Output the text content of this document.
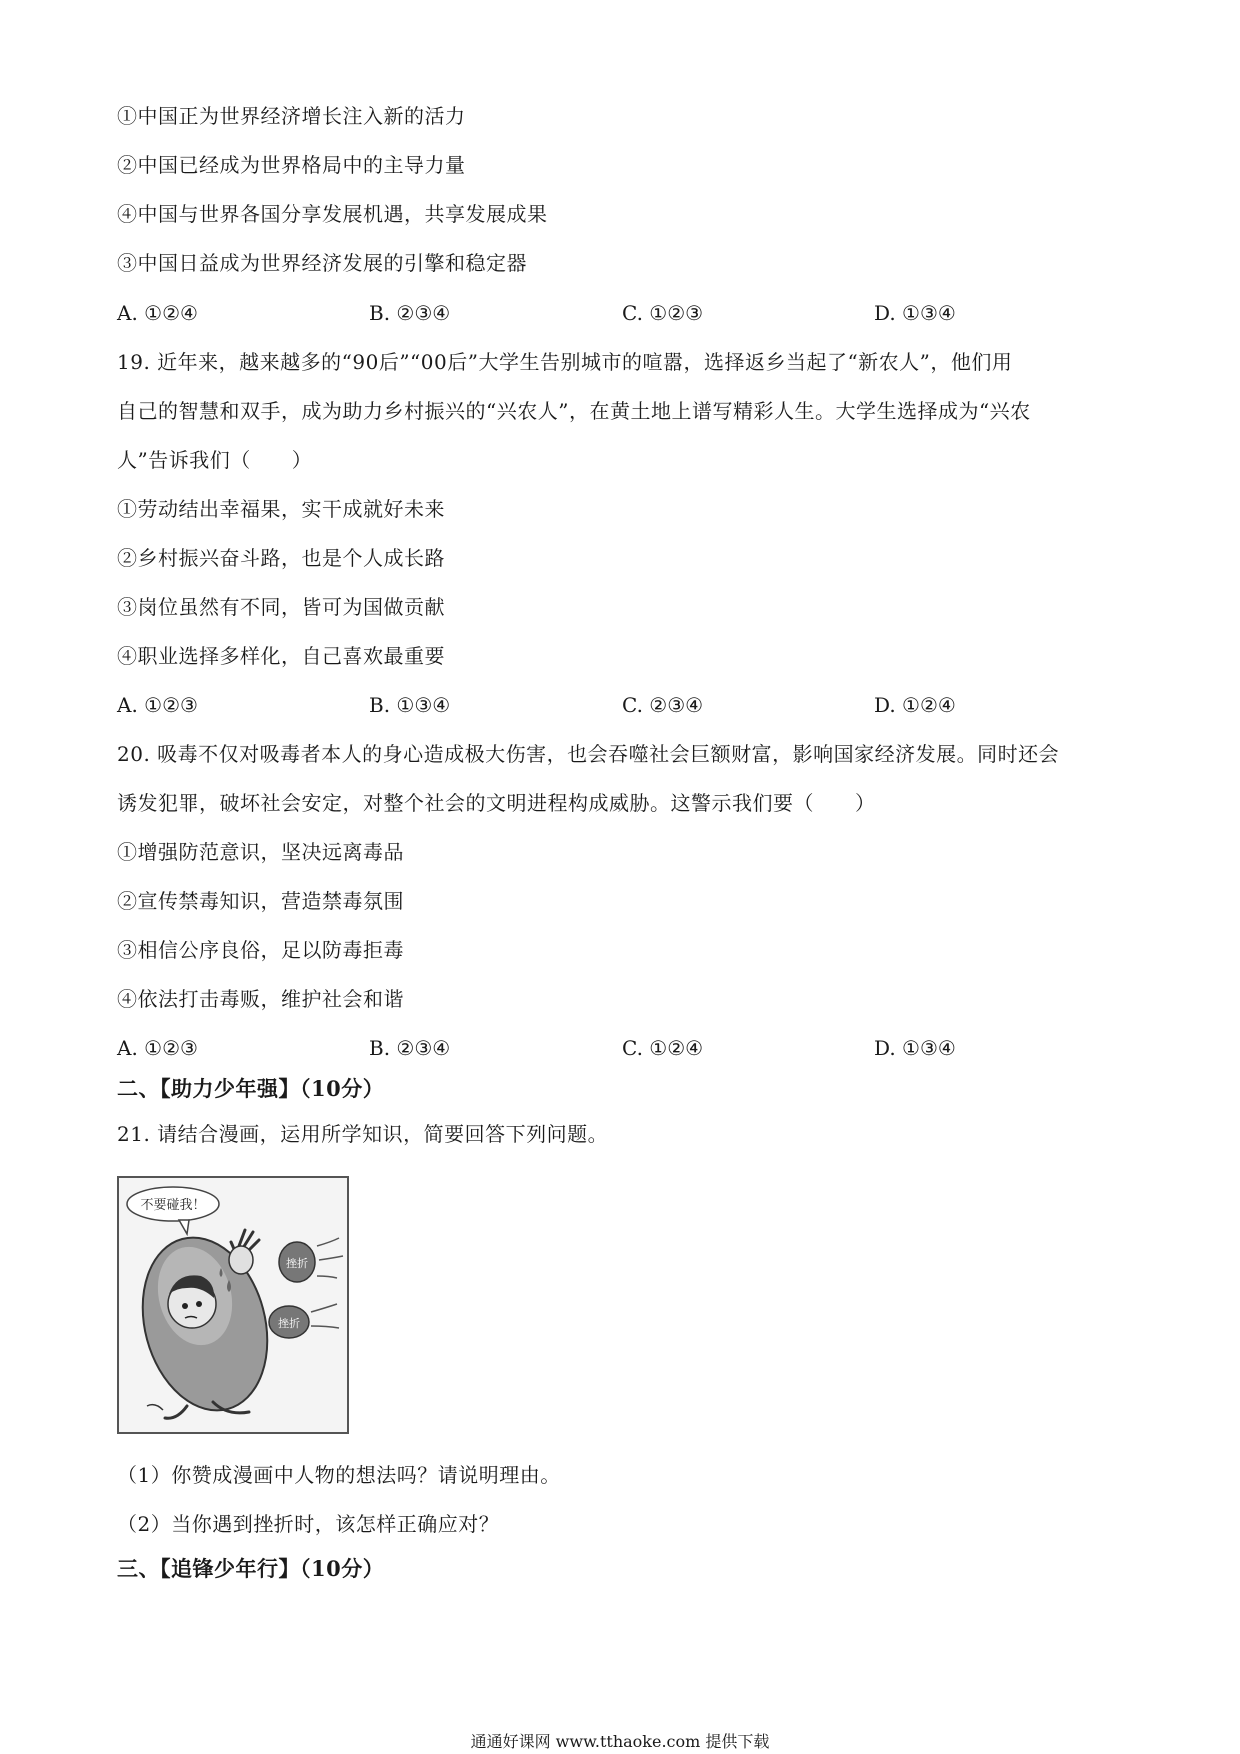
①中国正为世界经济增长注入新的活力
②中国已经成为世界格局中的主导力量
④中国与世界各国分享发展机遇，共享发展成果
③中国日益成为世界经济发展的引擎和稳定器
A. ①②④	B. ②③④	C. ①②③	D. ①③④
19. 近年来，越来越多的“90后”“00后”大学生告别城市的喧嚣，选择返乡当起了“新农人”，他们用
自己的智慧和双手，成为助力乡村振兴的“兴农人”，在黄土地上谱写精彩人生。大学生选择成为“兴农
人”告诉我们（　　）
①劳动结出幸福果，实干成就好未来
②乡村振兴奋斗路，也是个人成长路
③岗位虽然有不同，皆可为国做贡献
④职业选择多样化，自己喜欢最重要
A. ①②③	B. ①③④	C. ②③④	D. ①②④
20. 吸毒不仅对吸毒者本人的身心造成极大伤害，也会吞噬社会巨额财富，影响国家经济发展。同时还会
诱发犯罪，破坏社会安定，对整个社会的文明进程构成威胁。这警示我们要（　　）
①增强防范意识，坚决远离毒品
②宣传禁毒知识，营造禁毒氛围
③相信公序良俗，足以防毒拒毒
④依法打击毒贩，维护社会和谐
A. ①②③	B. ②③④	C. ①②④	D. ①③④
二、【助力少年强】（10分）
21. 请结合漫画，运用所学知识，简要回答下列问题。
不要碰我！
挫折
挫折
（1）你赞成漫画中人物的想法吗？请说明理由。
（2）当你遇到挫折时，该怎样正确应对？
三、【追锋少年行】（10分）
通通好课网 www.tthaoke.com 提供下载
